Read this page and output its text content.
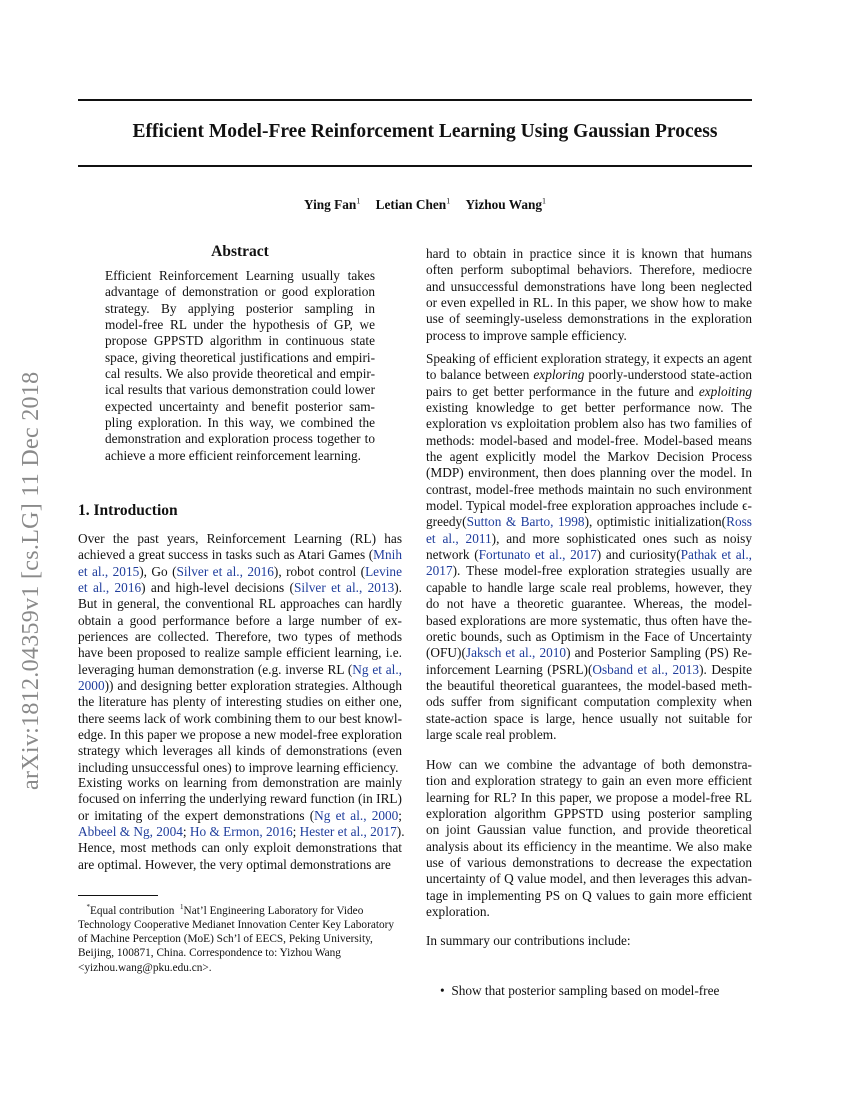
arXiv:1812.04359v1 [cs.LG] 11 Dec 2018
Efficient Model-Free Reinforcement Learning Using Gaussian Process
Ying Fan$^1$ Letian Chen$^1$ Yizhou Wang$^1$
Abstract
Efficient Reinforcement Learning usually takes
advantage of demonstration or good exploration
strategy. By applying posterior sampling in
model-free RL under the hypothesis of GP, we
propose GPPSTD algorithm in continuous state
space, giving theoretical justifications and empiri-
cal results. We also provide theoretical and empir-
ical results that various demonstration could lower
expected uncertainty and benefit posterior sam-
pling exploration. In this way, we combined the
demonstration and exploration process together to
achieve a more efficient reinforcement learning.
1. Introduction
Over the past years, Reinforcement Learning (RL) has
achieved a great success in tasks such as Atari Games (Mnih
et al., 2015), Go (Silver et al., 2016), robot control (Levine
et al., 2016) and high-level decisions (Silver et al., 2013).
But in general, the conventional RL approaches can hardly
obtain a good performance before a large number of ex-
periences are collected. Therefore, two types of methods
have been proposed to realize sample efficient learning, i.e.
leveraging human demonstration (e.g. inverse RL (Ng et al.,
2000)) and designing better exploration strategies. Although
the literature has plenty of interesting studies on either one,
there seems lack of work combining them to our best knowl-
edge. In this paper we propose a new model-free exploration
strategy which leverages all kinds of demonstrations (even
including unsuccessful ones) to improve learning efficiency.
Existing works on learning from demonstration are mainly
focused on inferring the underlying reward function (in IRL)
or imitating of the expert demonstrations (Ng et al., 2000;
Abbeel & Ng, 2004; Ho & Ermon, 2016; Hester et al., 2017).
Hence, most methods can only exploit demonstrations that
are optimal. However, the very optimal demonstrations are
*Equal contribution $^1$Nat’l Engineering Laboratory for Video Technology Cooperative Medianet Innovation Center Key Laboratory of Machine Perception (MoE) Sch’l of EECS, Peking University, Beijing, 100871, China. Correspondence to: Yizhou Wang <yizhou.wang@pku.edu.cn>.
hard to obtain in practice since it is known that humans
often perform suboptimal behaviors. Therefore, mediocre
and unsuccessful demonstrations have long been neglected
or even expelled in RL. In this paper, we show how to make
use of seemingly-useless demonstrations in the exploration
process to improve sample efficiency.
Speaking of efficient exploration strategy, it expects an agent
to balance between exploring poorly-understood state-action
pairs to get better performance in the future and exploiting
existing knowledge to get better performance now. The
exploration vs exploitation problem also has two families of
methods: model-based and model-free. Model-based means
the agent explicitly model the Markov Decision Process
(MDP) environment, then does planning over the model. In
contrast, model-free methods maintain no such environment
model. Typical model-free exploration approaches include ϵ-
greedy(Sutton & Barto, 1998), optimistic initialization(Ross
et al., 2011), and more sophisticated ones such as noisy
network (Fortunato et al., 2017) and curiosity(Pathak et al.,
2017). These model-free exploration strategies usually are
capable to handle large scale real problems, however, they
do not have a theoretic guarantee. Whereas, the model-
based explorations are more systematic, thus often have the-
oretic bounds, such as Optimism in the Face of Uncertainty
(OFU)(Jaksch et al., 2010) and Posterior Sampling (PS) Re-
inforcement Learning (PSRL)(Osband et al., 2013). Despite
the beautiful theoretical guarantees, the model-based meth-
ods suffer from significant computation complexity when
state-action space is large, hence usually not suitable for
large scale real problem.
How can we combine the advantage of both demonstra-
tion and exploration strategy to gain an even more efficient
learning for RL? In this paper, we propose a model-free RL
exploration algorithm GPPSTD using posterior sampling
on joint Gaussian value function, and provide theoretical
analysis about its efficiency in the meantime. We also make
use of various demonstrations to decrease the expectation
uncertainty of Q value model, and then leverages this advan-
tage in implementing PS on Q values to gain more efficient
exploration.
In summary our contributions include:
• Show that posterior sampling based on model-free
